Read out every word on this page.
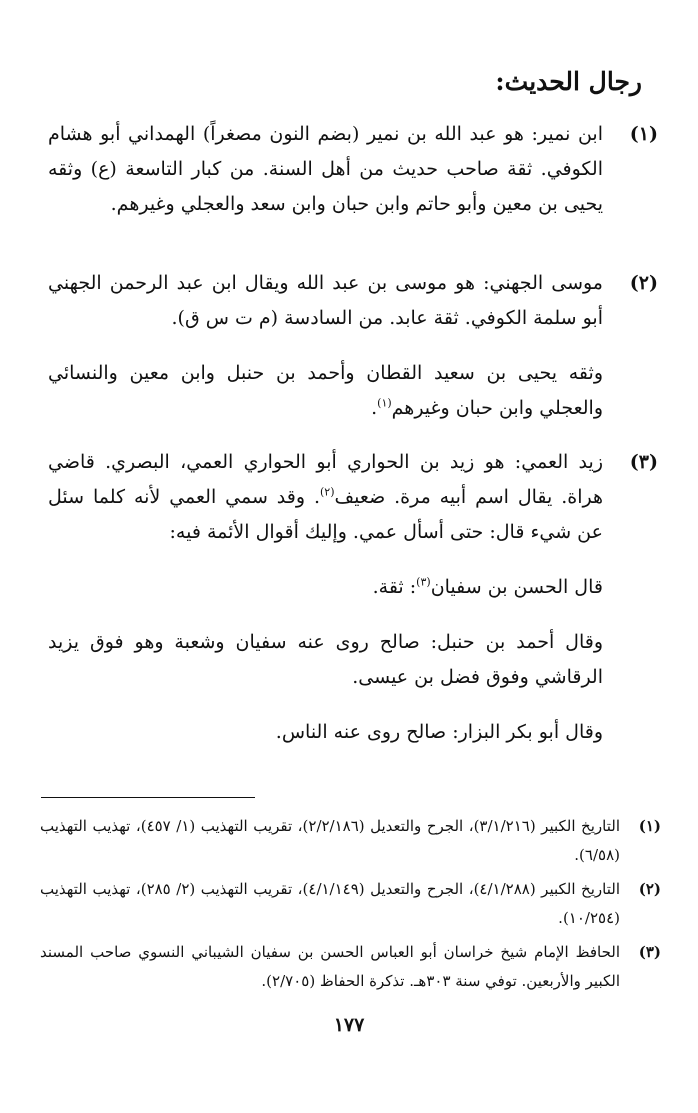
رجال الحديث:
(١)

ابن نمير: هو عبد الله بن نمير (بضم النون مصغراً) الهمداني أبو هشام الكوفي. ثقة صاحب حديث من أهل السنة. من كبار التاسعة (ع) وثقه يحيى بن معين وأبو حاتم وابن حبان وابن سعد والعجلي وغيرهم.

(٢)

موسى الجهني: هو موسى بن عبد الله ويقال ابن عبد الرحمن الجهني أبو سلمة الكوفي. ثقة عابد. من السادسة (م ت س ق).

وثقه يحيى بن سعيد القطان وأحمد بن حنبل وابن معين والنسائي والعجلي وابن حبان وغيرهم$^{(١)}$.

(٣)

زيد العمي: هو زيد بن الحواري أبو الحواري العمي، البصري. قاضي هراة. يقال اسم أبيه مرة. ضعيف$^{(٢)}$. وقد سمي العمي لأنه كلما سئل عن شيء قال: حتى أسأل عمي. وإليك أقوال الأئمة فيه:

قال الحسن بن سفيان$^{(٣)}$: ثقة.

وقال أحمد بن حنبل: صالح روى عنه سفيان وشعبة وهو فوق يزيد الرقاشي وفوق فضل بن عيسى.

وقال أبو بكر البزار: صالح روى عنه الناس.

(١)

التاريخ الكبير (٣/١/٢١٦)، الجرح والتعديل (٢/٢/١٨٦)، تقريب التهذيب (١/ ٤٥٧)، تهذيب التهذيب (٦/٥٨).

(٢)

التاريخ الكبير (٤/١/٢٨٨)، الجرح والتعديل (٤/١/١٤٩)، تقريب التهذيب (٢/ ٢٨٥)، تهذيب التهذيب (١٠/٢٥٤).

(٣)

الحافظ الإمام شيخ خراسان أبو العباس الحسن بن سفيان الشيباني النسوي صاحب المسند الكبير والأربعين. توفي سنة ٣٠٣هـ. تذكرة الحفاظ (٢/٧٠٥).

١٧٧
